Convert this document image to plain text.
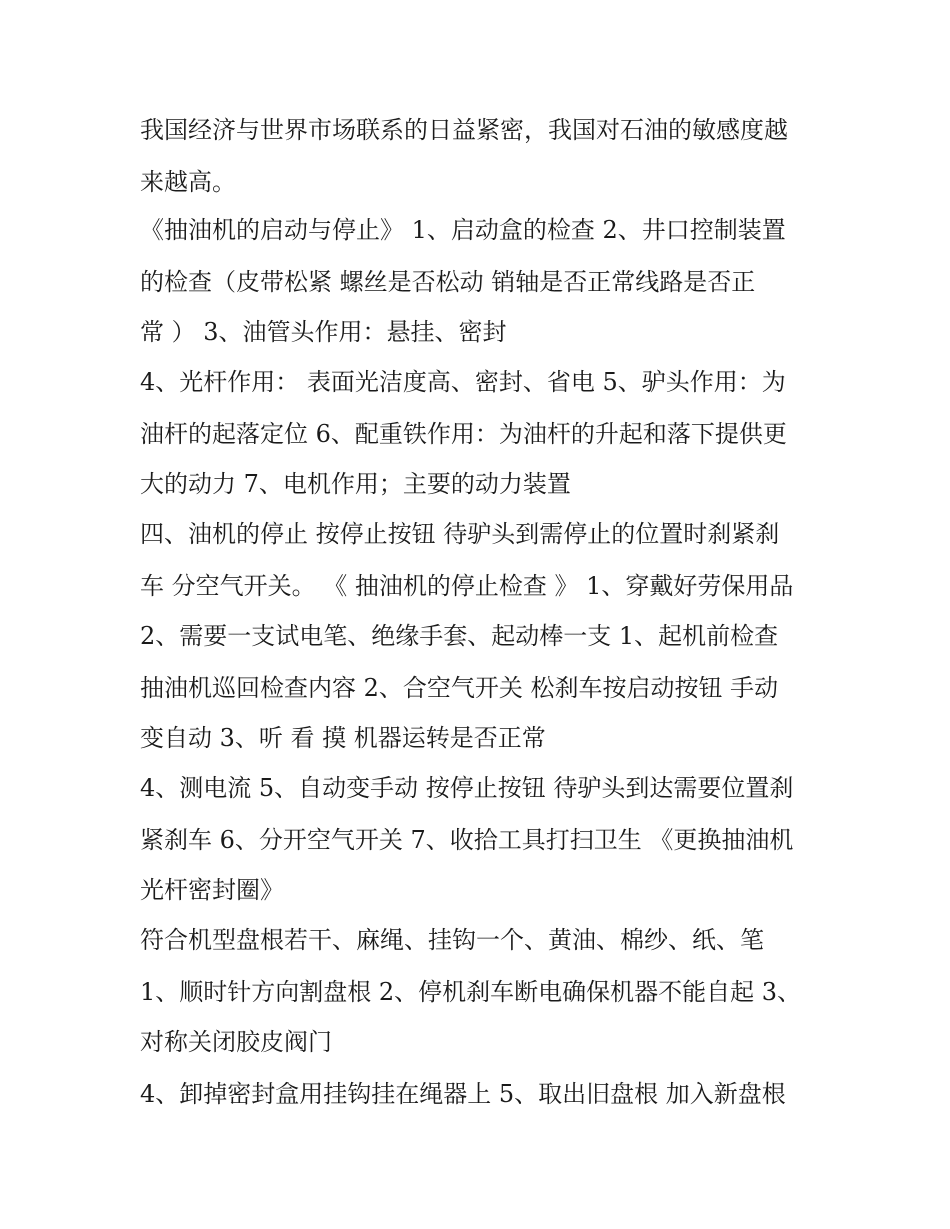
我国经济与世界市场联系的日益紧密，我国对石油的敏感度越
来越高。
《抽油机的启动与停止》 1、启动盒的检查 2、井口控制装置
的检查（皮带松紧 螺丝是否松动 销轴是否正常线路是否正
常 ） 3、油管头作用：悬挂、密封
4、光杆作用： 表面光洁度高、密封、省电 5、驴头作用：为
油杆的起落定位 6、配重铁作用：为油杆的升起和落下提供更
大的动力 7、电机作用；主要的动力装置
四、油机的停止 按停止按钮 待驴头到需停止的位置时刹紧刹
车 分空气开关。 《 抽油机的停止检查 》 1、穿戴好劳保用品
2、需要一支试电笔、绝缘手套、起动棒一支 1、起机前检查
抽油机巡回检查内容 2、合空气开关 松刹车按启动按钮 手动
变自动 3、听 看 摸 机器运转是否正常
4、测电流 5、自动变手动 按停止按钮 待驴头到达需要位置刹
紧刹车 6、分开空气开关 7、收拾工具打扫卫生 《更换抽油机
光杆密封圈》
符合机型盘根若干、麻绳、挂钩一个、黄油、棉纱、纸、笔
1、顺时针方向割盘根 2、停机刹车断电确保机器不能自起 3、
对称关闭胶皮阀门
4、卸掉密封盒用挂钩挂在绳器上 5、取出旧盘根 加入新盘根
